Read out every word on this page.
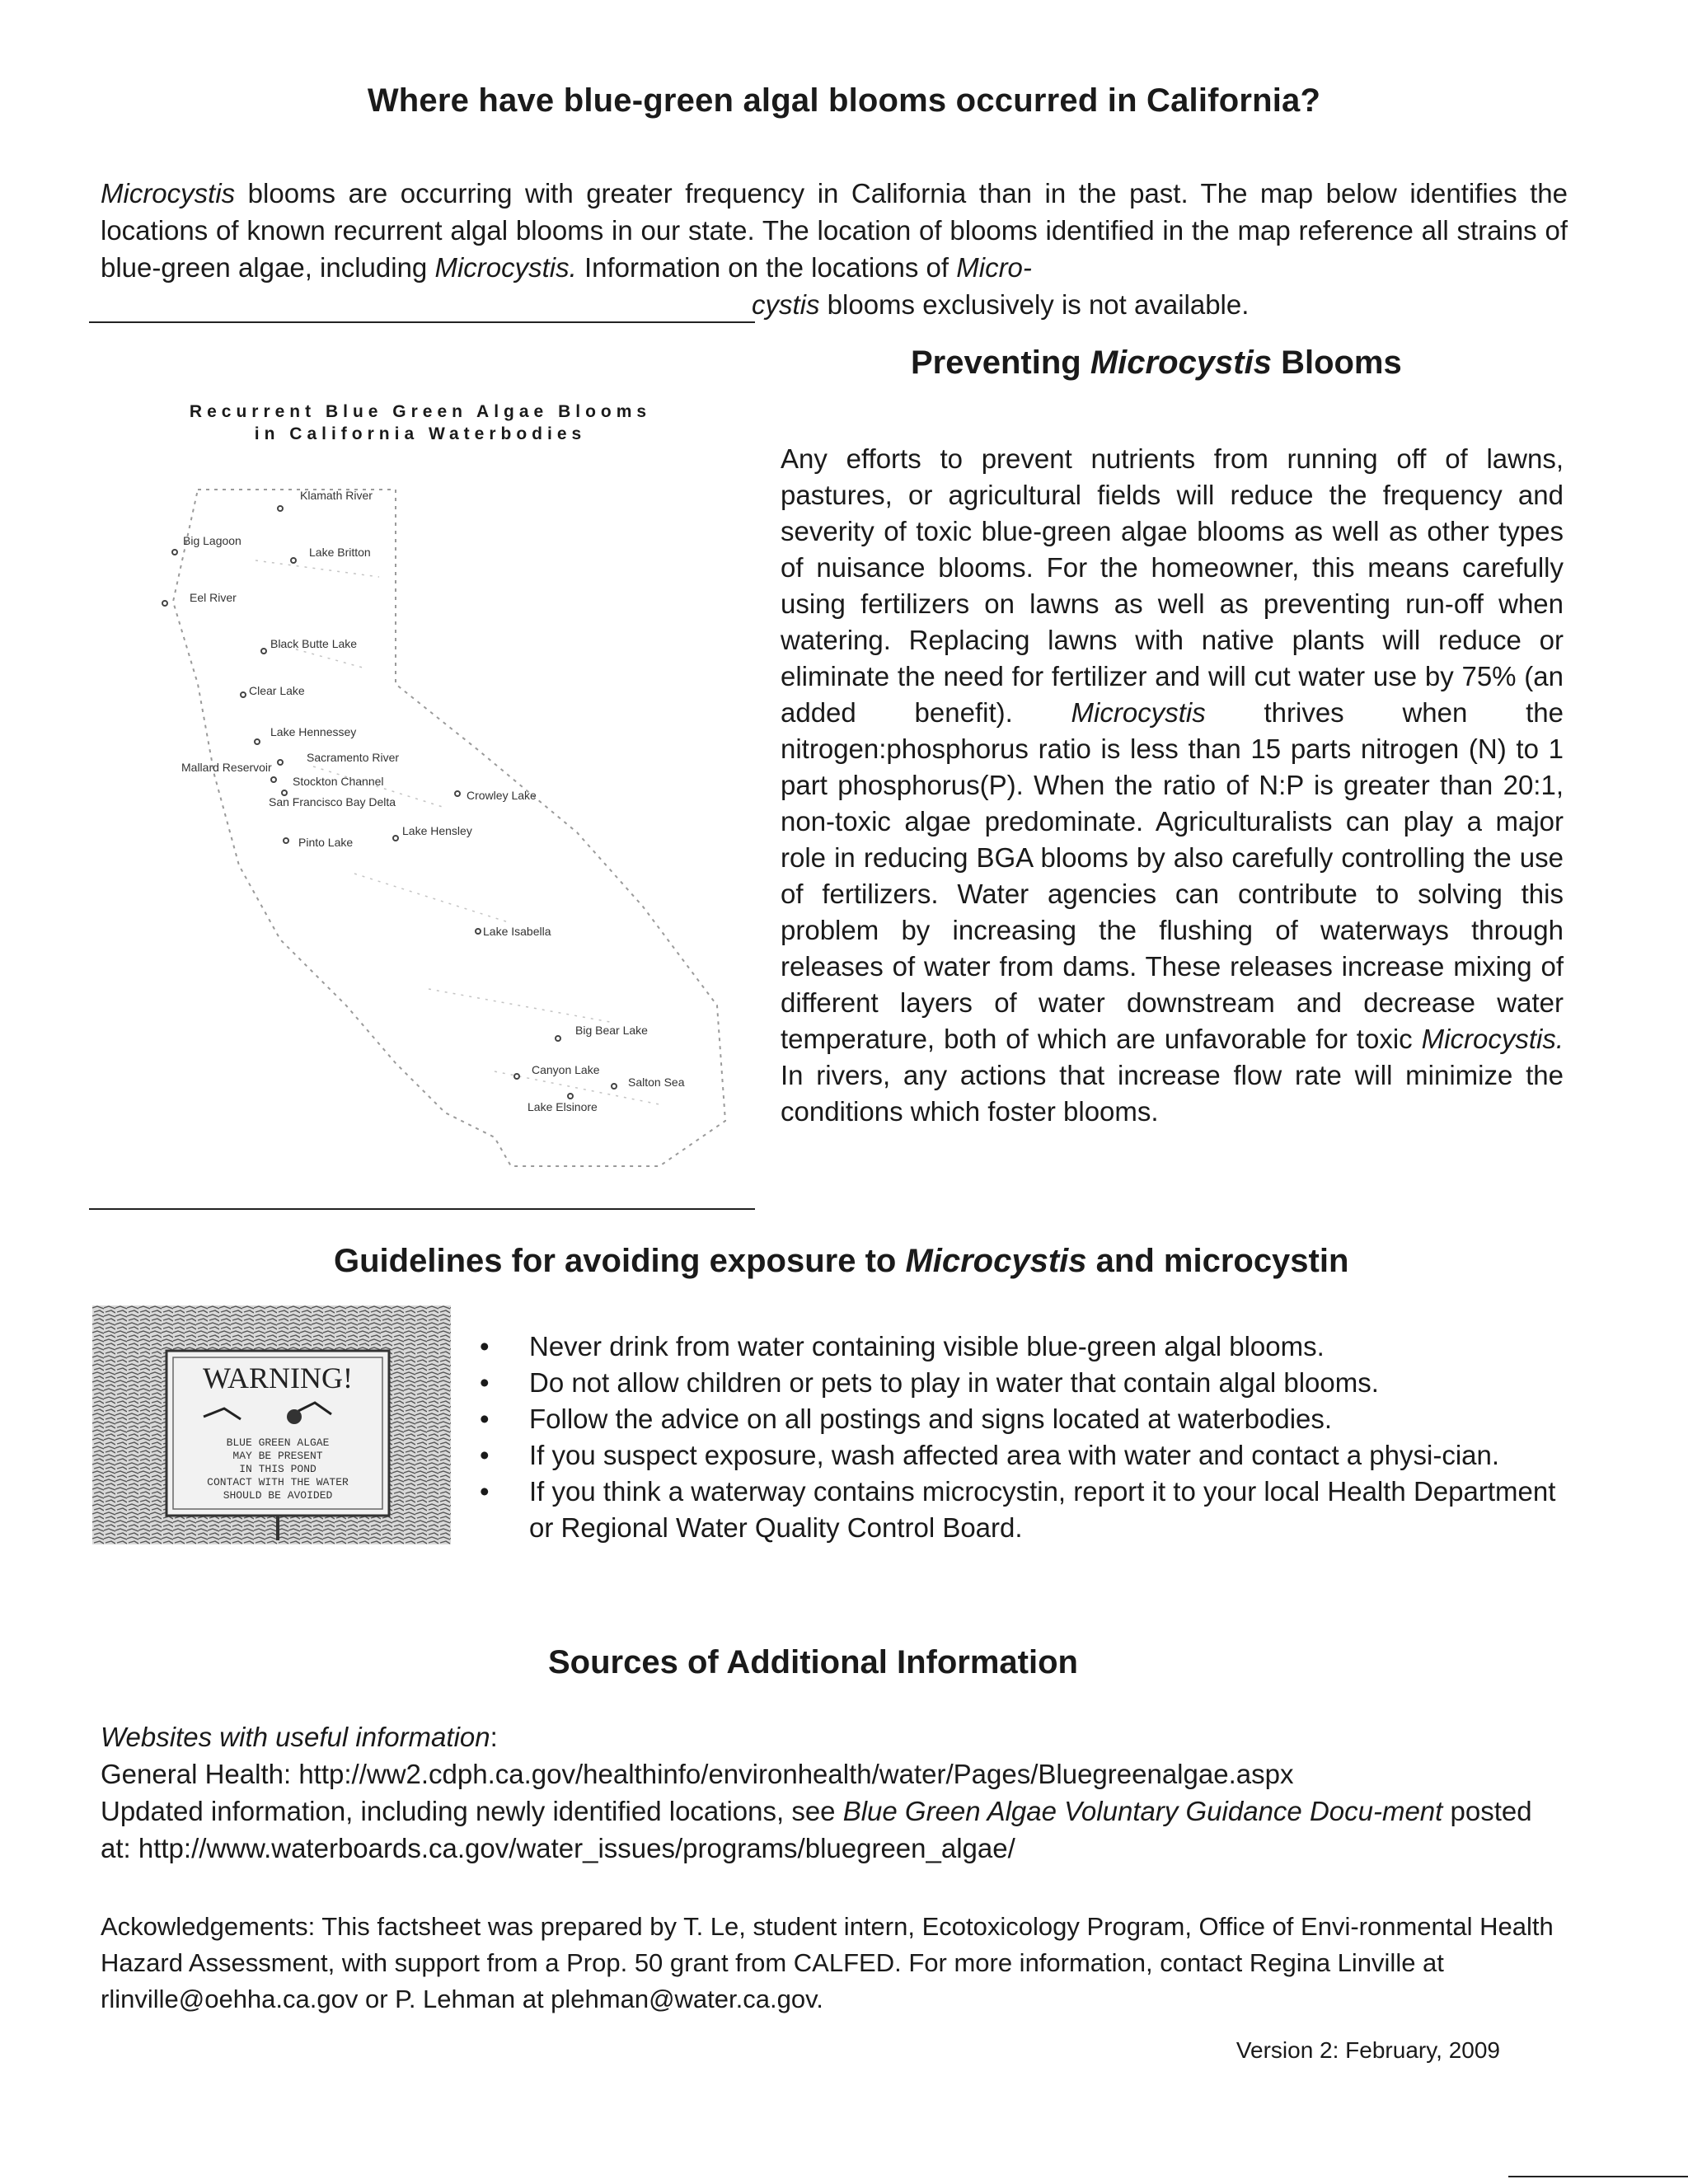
Where have blue-green algal blooms occurred in California?
Microcystis blooms are occurring with greater frequency in California than in the past. The map below identifies the locations of known recurrent algal blooms in our state. The location of blooms identified in the map reference all strains of blue-green algae, including Microcystis. Information on the locations of Micro-
cystis blooms exclusively is not available.
Preventing Microcystis Blooms
Recurrent Blue Green Algae Blooms
in California Waterbodies
Klamath River
Big Lagoon
Lake Britton
Eel River
Black Butte Lake
Clear Lake
Lake Hennessey
Sacramento River
Mallard Reservoir
Stockton Channel
San Francisco Bay Delta	Crowley Lake
Lake Hensley
Pinto Lake
Lake Isabella
Big Bear Lake
Canyon Lake
Salton Sea
Lake Elsinore
Any efforts to prevent nutrients from running off of lawns, pastures, or agricultural fields will reduce the frequency and severity of toxic blue-green algae blooms as well as other types of nuisance blooms. For the homeowner, this means carefully using fertilizers on lawns as well as preventing run-off when watering. Replacing lawns with native plants will reduce or eliminate the need for fertilizer and will cut water use by 75% (an added benefit). Microcystis thrives when the nitrogen:phosphorus ratio is less than 15 parts nitrogen (N) to 1 part phosphorus(P). When the ratio of N:P is greater than 20:1, non-toxic algae predominate. Agriculturalists can play a major role in reducing BGA blooms by also carefully controlling the use of fertilizers. Water agencies can contribute to solving this problem by increasing the flushing of waterways through releases of water from dams. These releases increase mixing of different layers of water downstream and decrease water temperature, both of which are unfavorable for toxic Microcystis. In rivers, any actions that increase flow rate will minimize the conditions which foster blooms.
Guidelines for avoiding exposure to Microcystis and microcystin
WARNING!
BLUE GREEN ALGAE
MAY BE PRESENT
IN THIS POND
CONTACT WITH THE WATER
SHOULD BE AVOIDED
• Never drink from water containing visible blue-green algal blooms.
• Do not allow children or pets to play in water that contain algal blooms.
• Follow the advice on all postings and signs located at waterbodies.
• If you suspect exposure, wash affected area with water and contact a physi-cian.
• If you think a waterway contains microcystin, report it to your local Health Department or Regional Water Quality Control Board.
Sources of Additional Information
Websites with useful information:
General Health: http://ww2.cdph.ca.gov/healthinfo/environhealth/water/Pages/Bluegreenalgae.aspx
Updated information, including newly identified locations, see Blue Green Algae Voluntary Guidance Docu-ment posted at: http://www.waterboards.ca.gov/water_issues/programs/bluegreen_algae/
Ackowledgements: This factsheet was prepared by T. Le, student intern, Ecotoxicology Program, Office of Envi-ronmental Health Hazard Assessment, with support from a Prop. 50 grant from CALFED. For more information, contact Regina Linville at rlinville@oehha.ca.gov or P. Lehman at plehman@water.ca.gov.
Version 2: February, 2009
